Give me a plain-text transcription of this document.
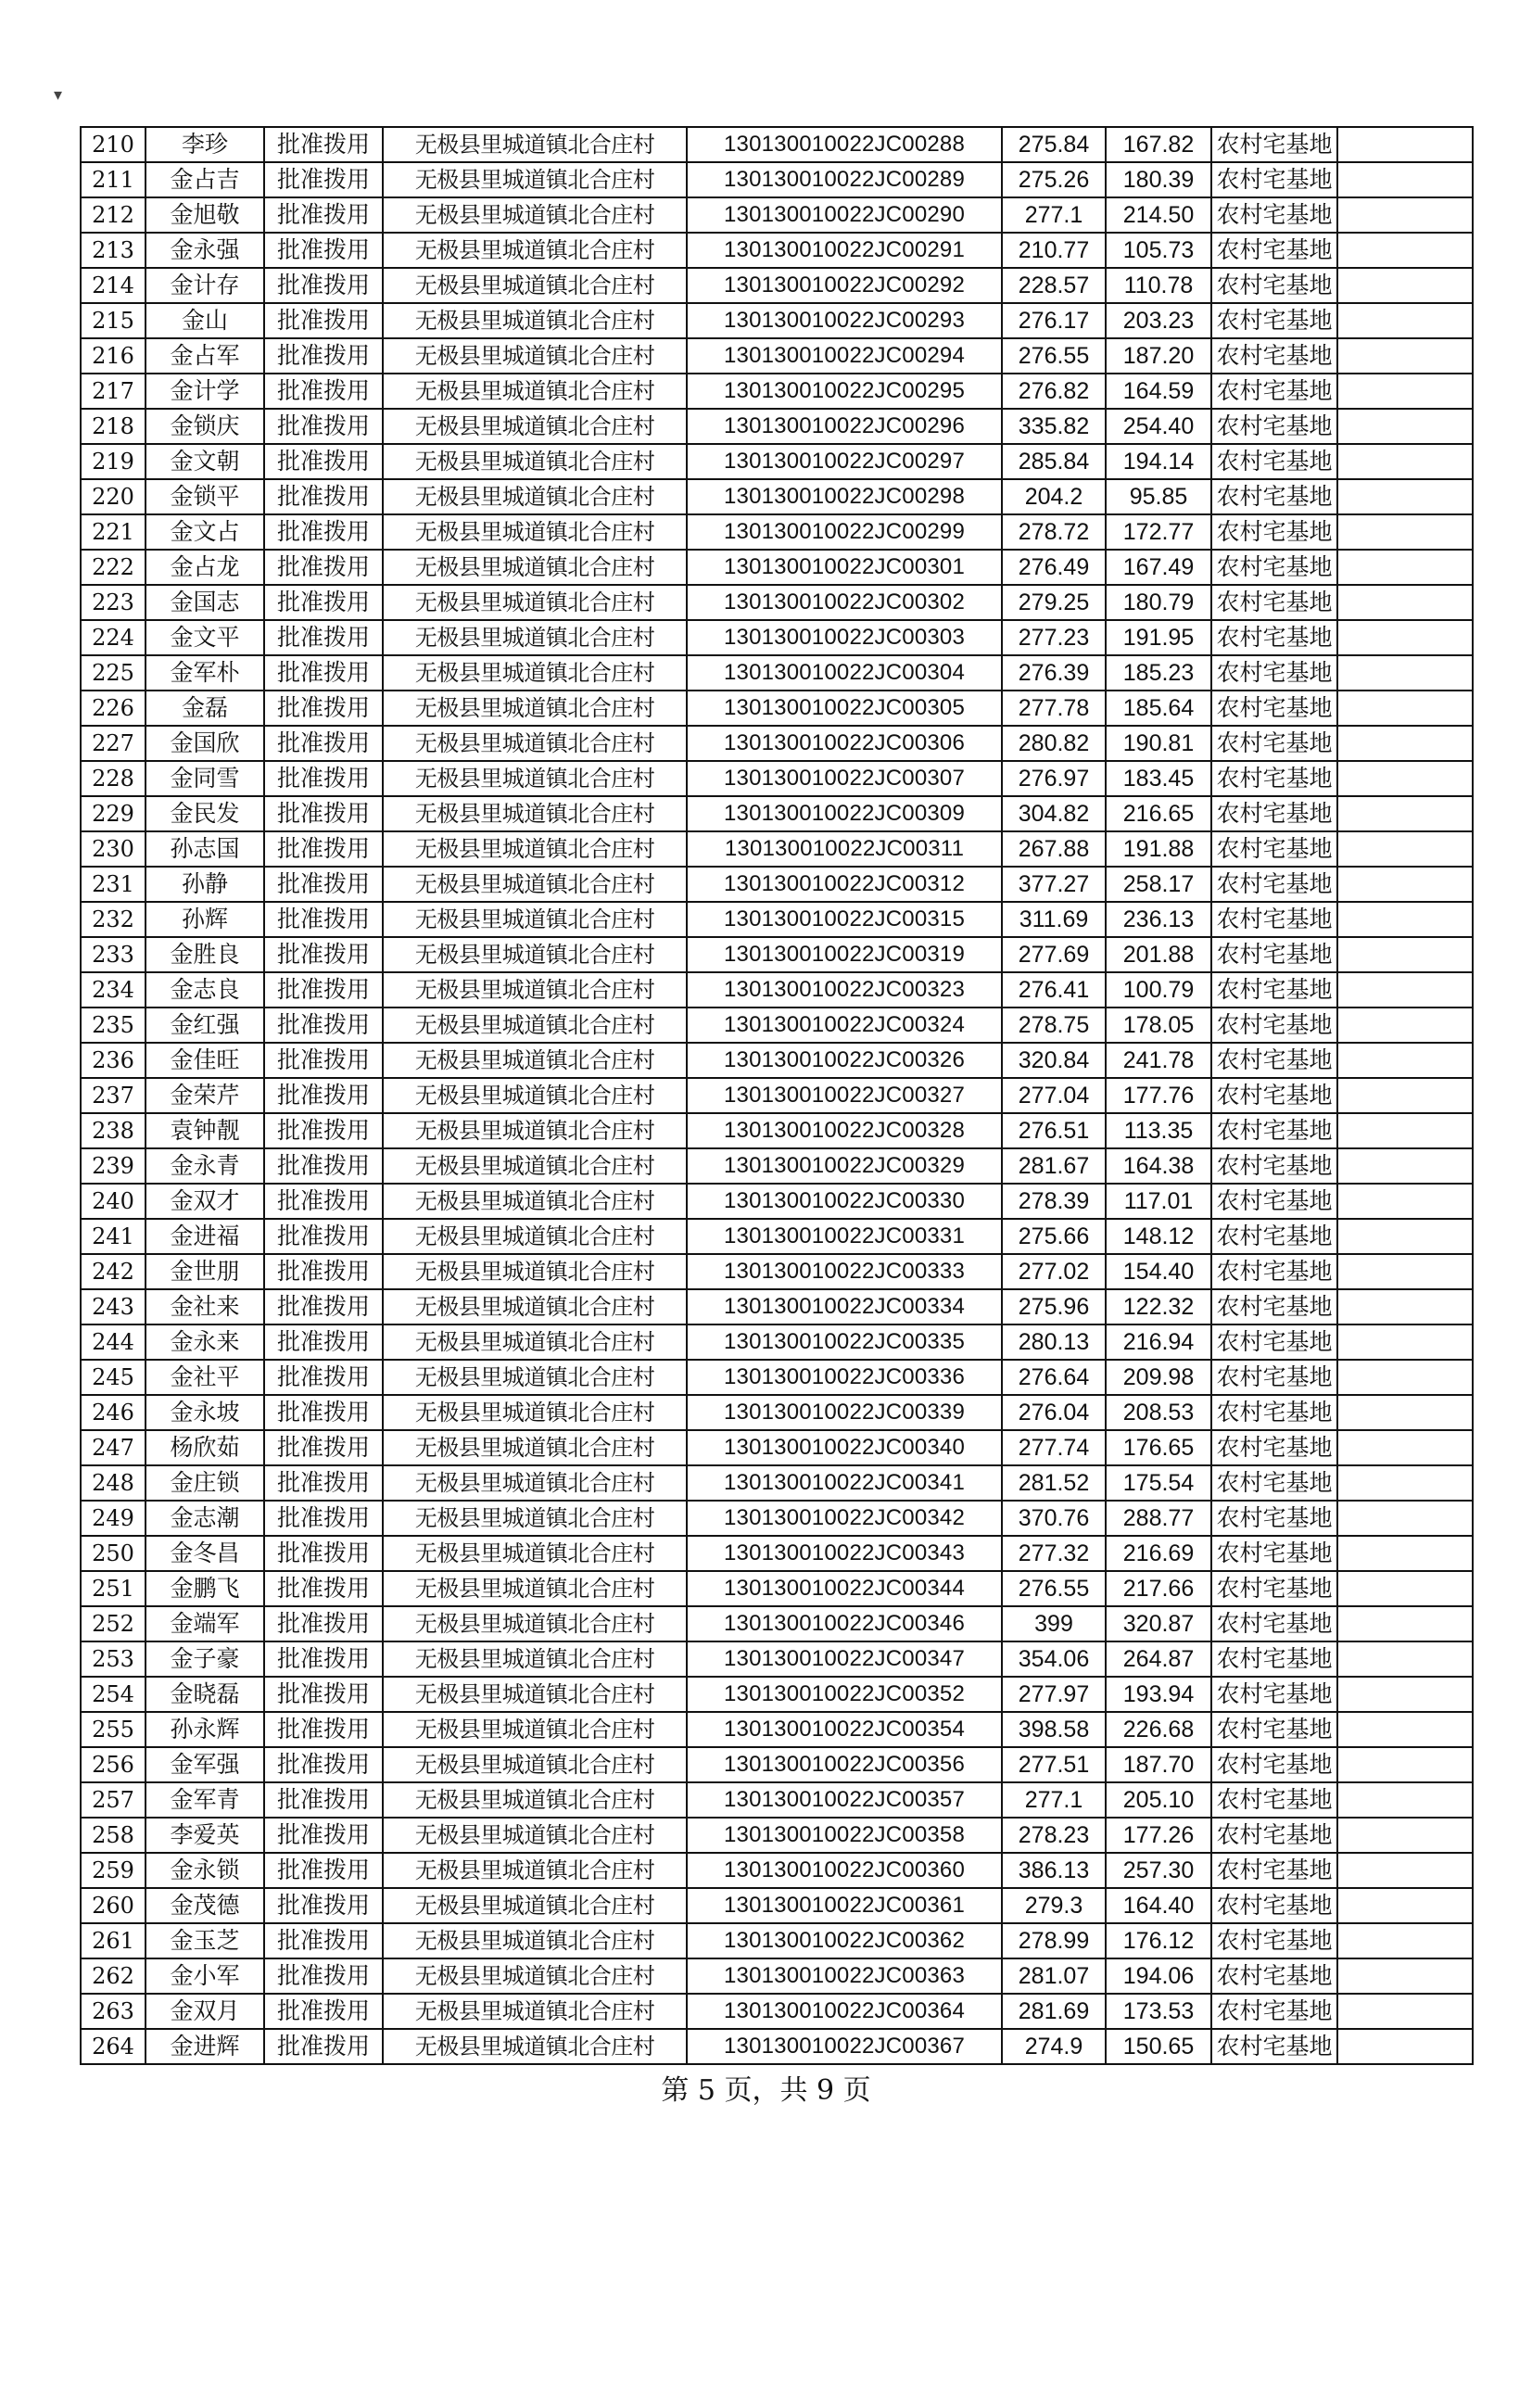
▾
210	李珍	批准拨用	无极县里城道镇北合庄村	130130010022JC00288	275.84	167.82	农村宅基地	
211	金占吉	批准拨用	无极县里城道镇北合庄村	130130010022JC00289	275.26	180.39	农村宅基地	
212	金旭敬	批准拨用	无极县里城道镇北合庄村	130130010022JC00290	277.1	214.50	农村宅基地	
213	金永强	批准拨用	无极县里城道镇北合庄村	130130010022JC00291	210.77	105.73	农村宅基地	
214	金计存	批准拨用	无极县里城道镇北合庄村	130130010022JC00292	228.57	110.78	农村宅基地	
215	金山	批准拨用	无极县里城道镇北合庄村	130130010022JC00293	276.17	203.23	农村宅基地	
216	金占军	批准拨用	无极县里城道镇北合庄村	130130010022JC00294	276.55	187.20	农村宅基地	
217	金计学	批准拨用	无极县里城道镇北合庄村	130130010022JC00295	276.82	164.59	农村宅基地	
218	金锁庆	批准拨用	无极县里城道镇北合庄村	130130010022JC00296	335.82	254.40	农村宅基地	
219	金文朝	批准拨用	无极县里城道镇北合庄村	130130010022JC00297	285.84	194.14	农村宅基地	
220	金锁平	批准拨用	无极县里城道镇北合庄村	130130010022JC00298	204.2	95.85	农村宅基地	
221	金文占	批准拨用	无极县里城道镇北合庄村	130130010022JC00299	278.72	172.77	农村宅基地	
222	金占龙	批准拨用	无极县里城道镇北合庄村	130130010022JC00301	276.49	167.49	农村宅基地	
223	金国志	批准拨用	无极县里城道镇北合庄村	130130010022JC00302	279.25	180.79	农村宅基地	
224	金文平	批准拨用	无极县里城道镇北合庄村	130130010022JC00303	277.23	191.95	农村宅基地	
225	金军朴	批准拨用	无极县里城道镇北合庄村	130130010022JC00304	276.39	185.23	农村宅基地	
226	金磊	批准拨用	无极县里城道镇北合庄村	130130010022JC00305	277.78	185.64	农村宅基地	
227	金国欣	批准拨用	无极县里城道镇北合庄村	130130010022JC00306	280.82	190.81	农村宅基地	
228	金同雪	批准拨用	无极县里城道镇北合庄村	130130010022JC00307	276.97	183.45	农村宅基地	
229	金民发	批准拨用	无极县里城道镇北合庄村	130130010022JC00309	304.82	216.65	农村宅基地	
230	孙志国	批准拨用	无极县里城道镇北合庄村	130130010022JC00311	267.88	191.88	农村宅基地	
231	孙静	批准拨用	无极县里城道镇北合庄村	130130010022JC00312	377.27	258.17	农村宅基地	
232	孙辉	批准拨用	无极县里城道镇北合庄村	130130010022JC00315	311.69	236.13	农村宅基地	
233	金胜良	批准拨用	无极县里城道镇北合庄村	130130010022JC00319	277.69	201.88	农村宅基地	
234	金志良	批准拨用	无极县里城道镇北合庄村	130130010022JC00323	276.41	100.79	农村宅基地	
235	金红强	批准拨用	无极县里城道镇北合庄村	130130010022JC00324	278.75	178.05	农村宅基地	
236	金佳旺	批准拨用	无极县里城道镇北合庄村	130130010022JC00326	320.84	241.78	农村宅基地	
237	金荣芹	批准拨用	无极县里城道镇北合庄村	130130010022JC00327	277.04	177.76	农村宅基地	
238	袁钟靓	批准拨用	无极县里城道镇北合庄村	130130010022JC00328	276.51	113.35	农村宅基地	
239	金永青	批准拨用	无极县里城道镇北合庄村	130130010022JC00329	281.67	164.38	农村宅基地	
240	金双才	批准拨用	无极县里城道镇北合庄村	130130010022JC00330	278.39	117.01	农村宅基地	
241	金进福	批准拨用	无极县里城道镇北合庄村	130130010022JC00331	275.66	148.12	农村宅基地	
242	金世朋	批准拨用	无极县里城道镇北合庄村	130130010022JC00333	277.02	154.40	农村宅基地	
243	金社来	批准拨用	无极县里城道镇北合庄村	130130010022JC00334	275.96	122.32	农村宅基地	
244	金永来	批准拨用	无极县里城道镇北合庄村	130130010022JC00335	280.13	216.94	农村宅基地	
245	金社平	批准拨用	无极县里城道镇北合庄村	130130010022JC00336	276.64	209.98	农村宅基地	
246	金永坡	批准拨用	无极县里城道镇北合庄村	130130010022JC00339	276.04	208.53	农村宅基地	
247	杨欣茹	批准拨用	无极县里城道镇北合庄村	130130010022JC00340	277.74	176.65	农村宅基地	
248	金庄锁	批准拨用	无极县里城道镇北合庄村	130130010022JC00341	281.52	175.54	农村宅基地	
249	金志潮	批准拨用	无极县里城道镇北合庄村	130130010022JC00342	370.76	288.77	农村宅基地	
250	金冬昌	批准拨用	无极县里城道镇北合庄村	130130010022JC00343	277.32	216.69	农村宅基地	
251	金鹏飞	批准拨用	无极县里城道镇北合庄村	130130010022JC00344	276.55	217.66	农村宅基地	
252	金端军	批准拨用	无极县里城道镇北合庄村	130130010022JC00346	399	320.87	农村宅基地	
253	金子豪	批准拨用	无极县里城道镇北合庄村	130130010022JC00347	354.06	264.87	农村宅基地	
254	金晓磊	批准拨用	无极县里城道镇北合庄村	130130010022JC00352	277.97	193.94	农村宅基地	
255	孙永辉	批准拨用	无极县里城道镇北合庄村	130130010022JC00354	398.58	226.68	农村宅基地	
256	金军强	批准拨用	无极县里城道镇北合庄村	130130010022JC00356	277.51	187.70	农村宅基地	
257	金军青	批准拨用	无极县里城道镇北合庄村	130130010022JC00357	277.1	205.10	农村宅基地	
258	李爱英	批准拨用	无极县里城道镇北合庄村	130130010022JC00358	278.23	177.26	农村宅基地	
259	金永锁	批准拨用	无极县里城道镇北合庄村	130130010022JC00360	386.13	257.30	农村宅基地	
260	金茂德	批准拨用	无极县里城道镇北合庄村	130130010022JC00361	279.3	164.40	农村宅基地	
261	金玉芝	批准拨用	无极县里城道镇北合庄村	130130010022JC00362	278.99	176.12	农村宅基地	
262	金小军	批准拨用	无极县里城道镇北合庄村	130130010022JC00363	281.07	194.06	农村宅基地	
263	金双月	批准拨用	无极县里城道镇北合庄村	130130010022JC00364	281.69	173.53	农村宅基地	
264	金进辉	批准拨用	无极县里城道镇北合庄村	130130010022JC00367	274.9	150.65	农村宅基地	
第 5 页，共 9 页
